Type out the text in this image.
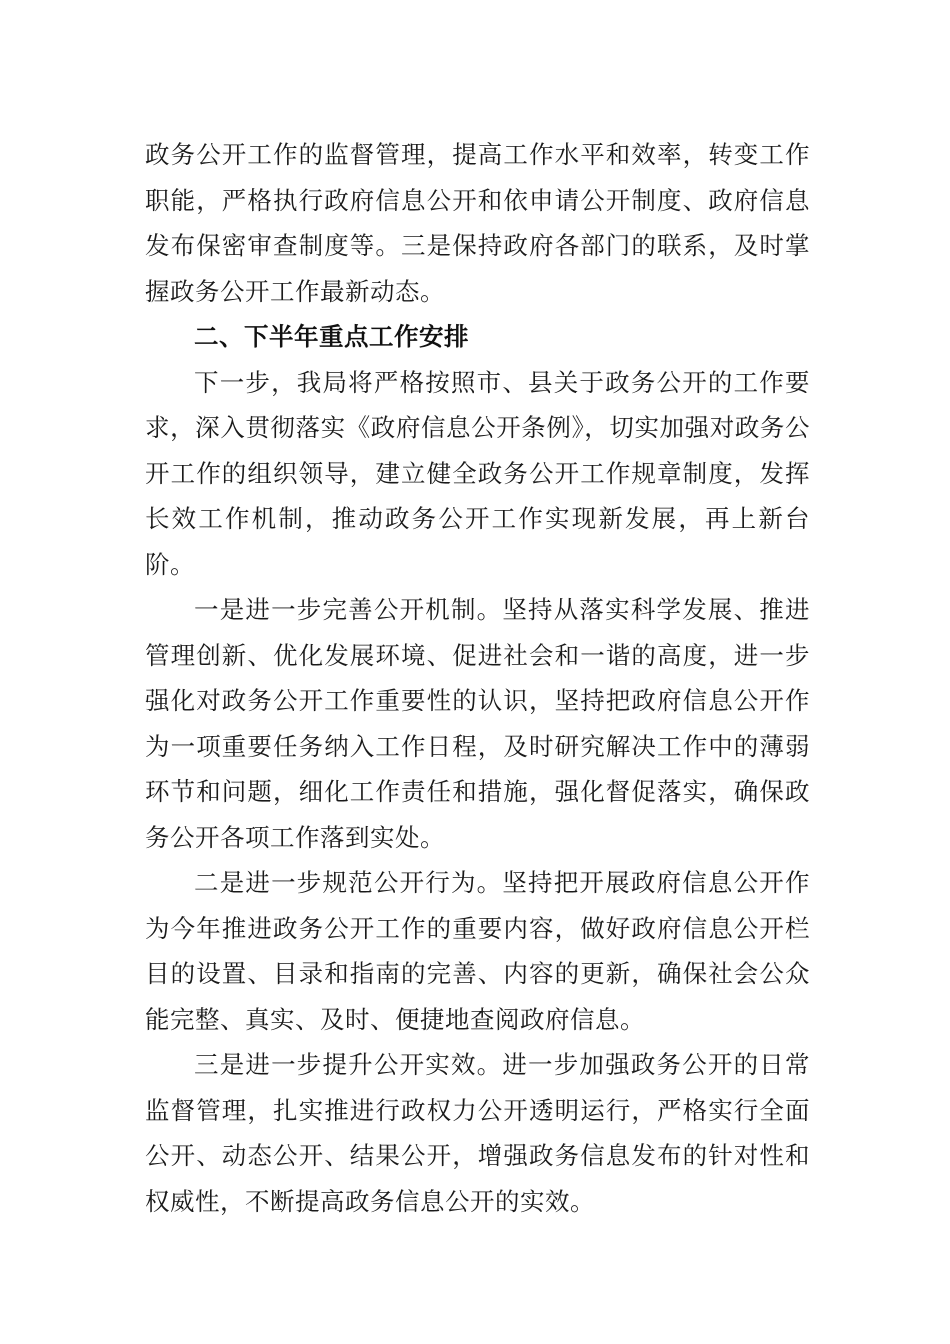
政务公开工作的监督管理，提高工作水平和效率，转变工作职能，严格执行政府信息公开和依申请公开制度、政府信息发布保密审查制度等。三是保持政府各部门的联系，及时掌握政务公开工作最新动态。

二、下半年重点工作安排

下一步，我局将严格按照市、县关于政务公开的工作要求，深入贯彻落实《政府信息公开条例》，切实加强对政务公开工作的组织领导，建立健全政务公开工作规章制度，发挥长效工作机制，推动政务公开工作实现新发展，再上新台阶。

一是进一步完善公开机制。坚持从落实科学发展、推进管理创新、优化发展环境、促进社会和一谐的高度，进一步强化对政务公开工作重要性的认识，坚持把政府信息公开作为一项重要任务纳入工作日程，及时研究解决工作中的薄弱环节和问题，细化工作责任和措施，强化督促落实，确保政务公开各项工作落到实处。

二是进一步规范公开行为。坚持把开展政府信息公开作为今年推进政务公开工作的重要内容，做好政府信息公开栏目的设置、目录和指南的完善、内容的更新，确保社会公众能完整、真实、及时、便捷地查阅政府信息。

三是进一步提升公开实效。进一步加强政务公开的日常监督管理，扎实推进行政权力公开透明运行，严格实行全面公开、动态公开、结果公开，增强政务信息发布的针对性和权威性，不断提高政务信息公开的实效。
